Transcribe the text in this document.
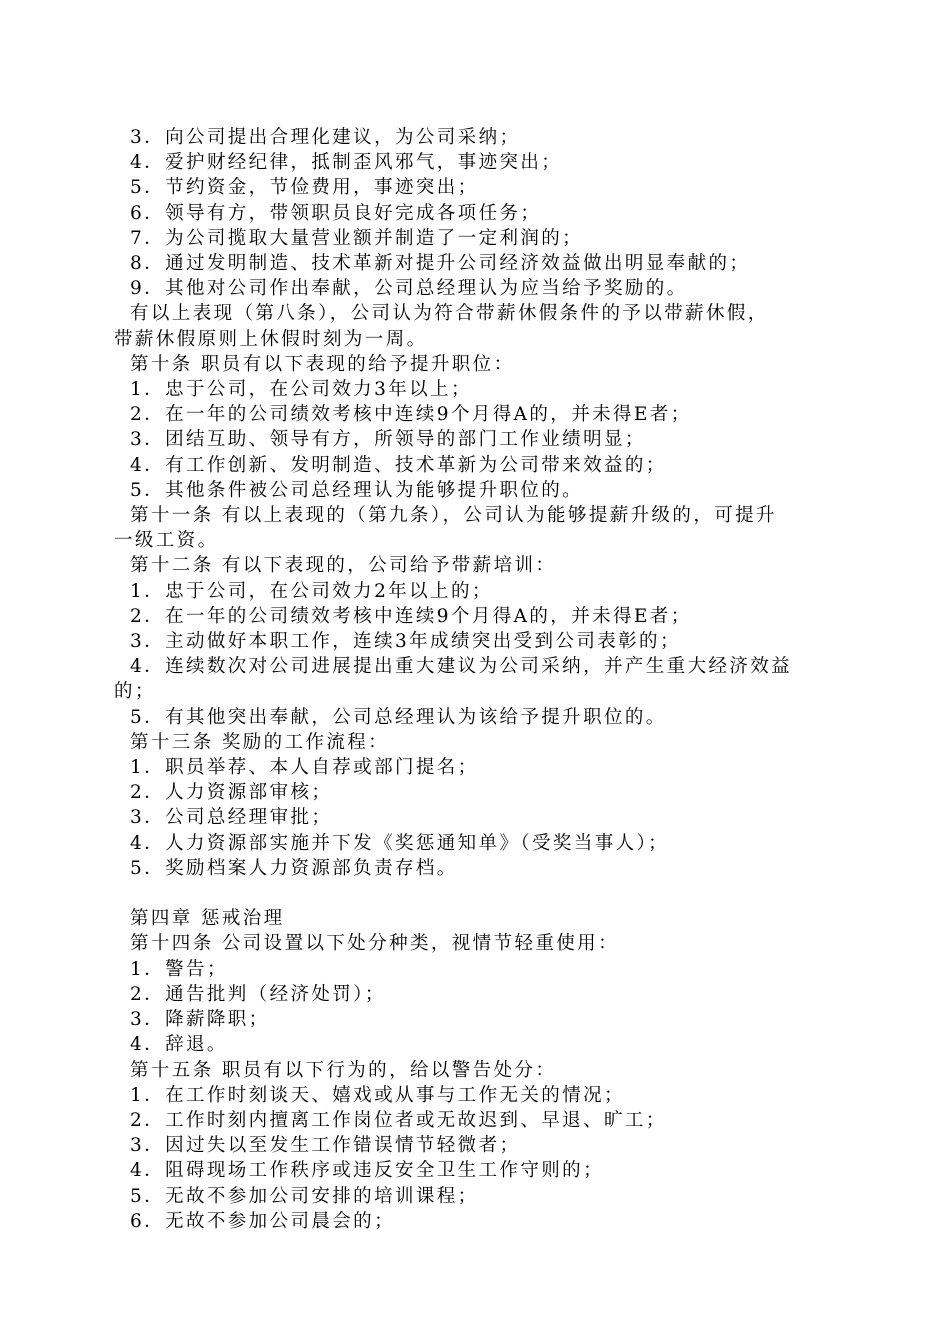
3．向公司提出合理化建议，为公司采纳；
4．爱护财经纪律，抵制歪风邪气，事迹突出；
5．节约资金，节俭费用，事迹突出；
6．领导有方，带领职员良好完成各项任务；
7．为公司揽取大量营业额并制造了一定利润的；
8．通过发明制造、技术革新对提升公司经济效益做出明显奉献的；
9．其他对公司作出奉献，公司总经理认为应当给予奖励的。
有以上表现（第八条），公司认为符合带薪休假条件的予以带薪休假，
带薪休假原则上休假时刻为一周。
第十条 职员有以下表现的给予提升职位：
1．忠于公司，在公司效力3年以上；
2．在一年的公司绩效考核中连续9个月得A的，并未得E者；
3．团结互助、领导有方，所领导的部门工作业绩明显；
4．有工作创新、发明制造、技术革新为公司带来效益的；
5．其他条件被公司总经理认为能够提升职位的。
第十一条 有以上表现的（第九条），公司认为能够提薪升级的，可提升
一级工资。
第十二条 有以下表现的，公司给予带薪培训：
1．忠于公司，在公司效力2年以上的；
2．在一年的公司绩效考核中连续9个月得A的，并未得E者；
3．主动做好本职工作，连续3年成绩突出受到公司表彰的；
4．连续数次对公司进展提出重大建议为公司采纳，并产生重大经济效益
的；
5．有其他突出奉献，公司总经理认为该给予提升职位的。
第十三条 奖励的工作流程：
1．职员举荐、本人自荐或部门提名；
2．人力资源部审核；
3．公司总经理审批；
4．人力资源部实施并下发《奖惩通知单》（受奖当事人）；
5．奖励档案人力资源部负责存档。
第四章 惩戒治理
第十四条 公司设置以下处分种类，视情节轻重使用：
1．警告；
2．通告批判（经济处罚）；
3．降薪降职；
4．辞退。
第十五条 职员有以下行为的，给以警告处分：
1．在工作时刻谈天、嬉戏或从事与工作无关的情况；
2．工作时刻内擅离工作岗位者或无故迟到、早退、旷工；
3．因过失以至发生工作错误情节轻微者；
4．阻碍现场工作秩序或违反安全卫生工作守则的；
5．无故不参加公司安排的培训课程；
6．无故不参加公司晨会的；
